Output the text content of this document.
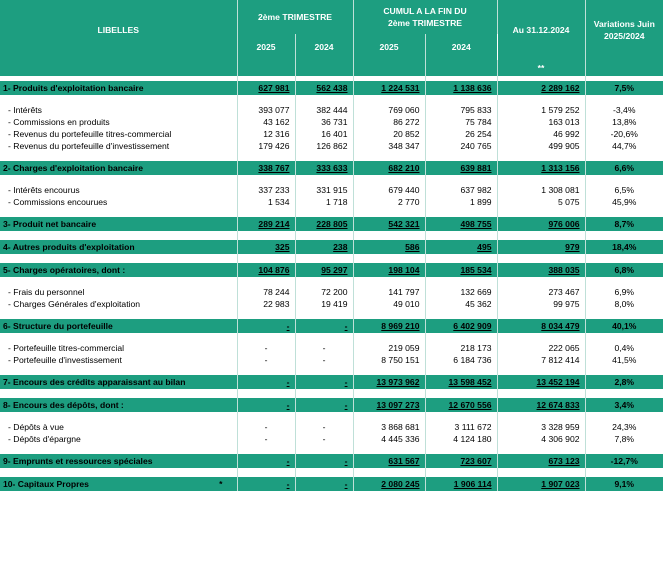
LIBELLES	2ème TRIMESTRE		CUMUL A LA FIN DU 2ème TRIMESTRE		Au 31.12.2024	Variations Juin 2025/2024
	2025	2024	2025	2024		
					**	

1- Produits d'exploitation bancaire	627 981	562 438	1 224 531	1 138 636	2 289 162	7,5%

- Intérêts	393 077	382 444	769 060	795 833	1 579 252	-3,4%
- Commissions en produits	43 162	36 731	86 272	75 784	163 013	13,8%
- Revenus du portefeuille titres-commercial	12 316	16 401	20 852	26 254	46 992	-20,6%
- Revenus du portefeuille d'investissement	179 426	126 862	348 347	240 765	499 905	44,7%

2- Charges d'exploitation bancaire	338 767	333 633	682 210	639 881	1 313 156	6,6%

- Intérêts encourus	337 233	331 915	679 440	637 982	1 308 081	6,5%
- Commissions encourues	1 534	1 718	2 770	1 899	5 075	45,9%

3- Produit net bancaire	289 214	228 805	542 321	498 755	976 006	8,7%

4- Autres produits d'exploitation	325	238	586	495	979	18,4%

5- Charges opératoires, dont :	104 876	95 297	198 104	185 534	388 035	6,8%

- Frais du personnel	78 244	72 200	141 797	132 669	273 467	6,9%
- Charges Générales d'exploitation	22 983	19 419	49 010	45 362	99 975	8,0%

6- Structure du portefeuille	-	-	8 969 210	6 402 909	8 034 479	40,1%

- Portefeuille titres-commercial	-	-	219 059	218 173	222 065	0,4%
- Portefeuille d'investissement	-	-	8 750 151	6 184 736	7 812 414	41,5%

7- Encours des crédits apparaissant au bilan	-	-	13 973 962	13 598 452	13 452 194	2,8%

8- Encours des dépôts, dont :	-	-	13 097 273	12 670 556	12 674 833	3,4%

- Dépôts à vue	-	-	3 868 681	3 111 672	3 328 959	24,3%
- Dépôts d'épargne	-	-	4 445 336	4 124 180	4 306 902	7,8%

9- Emprunts et ressources spéciales	-	-	631 567	723 607	673 123	-12,7%

10- Capitaux Propres *	-	-	2 080 245	1 906 114	1 907 023	9,1%
